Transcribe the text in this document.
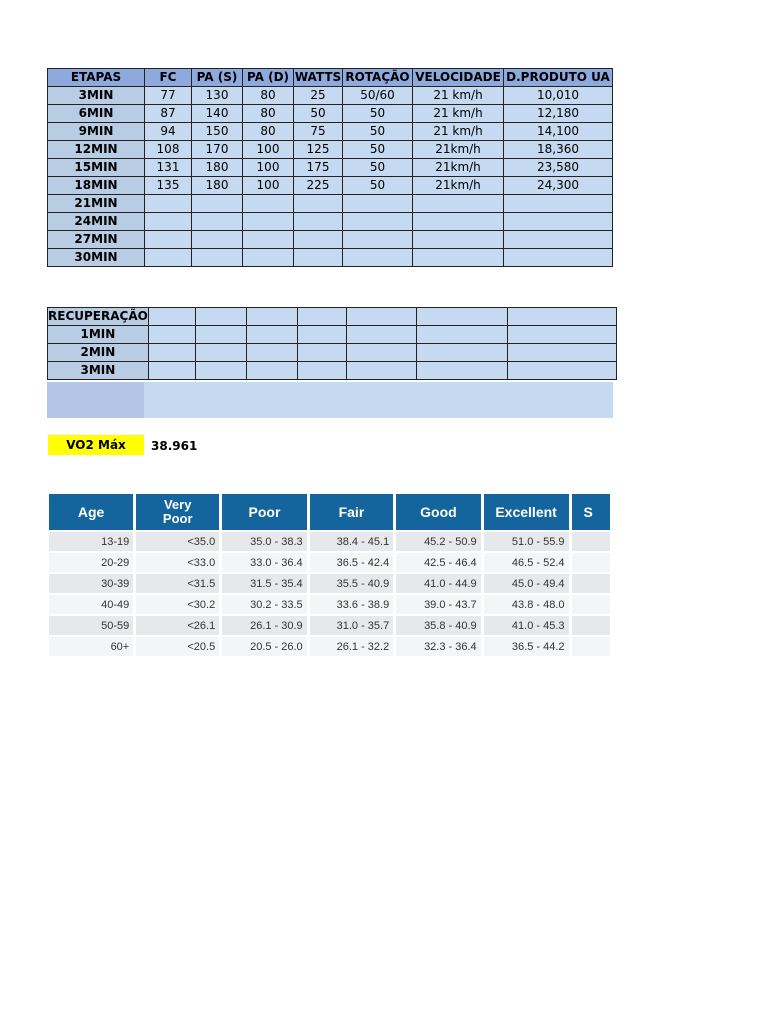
ETAPAS	FC	PA (S)	PA (D)	WATTS	ROTAÇÃO	VELOCIDADE	D.PRODUTO UA
3MIN	77	130	80	25	50/60	21 km/h	10,010
6MIN	87	140	80	50	50	21 km/h	12,180
9MIN	94	150	80	75	50	21 km/h	14,100
12MIN	108	170	100	125	50	21km/h	18,360
15MIN	131	180	100	175	50	21km/h	23,580
18MIN	135	180	100	225	50	21km/h	24,300
21MIN							
24MIN							
27MIN							
30MIN							
RECUPERAÇÃO							
1MIN							
2MIN							
3MIN							
VO2 Máx	38.961
Age	Very Poor	Poor	Fair	Good	Excellent	S
13-19	<35.0	35.0 - 38.3	38.4 - 45.1	45.2 - 50.9	51.0 - 55.9	
20-29	<33.0	33.0 - 36.4	36.5 - 42.4	42.5 - 46.4	46.5 - 52.4	
30-39	<31.5	31.5 - 35.4	35.5 - 40.9	41.0 - 44.9	45.0 - 49.4	
40-49	<30.2	30.2 - 33.5	33.6 - 38.9	39.0 - 43.7	43.8 - 48.0	
50-59	<26.1	26.1 - 30.9	31.0 - 35.7	35.8 - 40.9	41.0 - 45.3	
60+	<20.5	20.5 - 26.0	26.1 - 32.2	32.3 - 36.4	36.5 - 44.2	
